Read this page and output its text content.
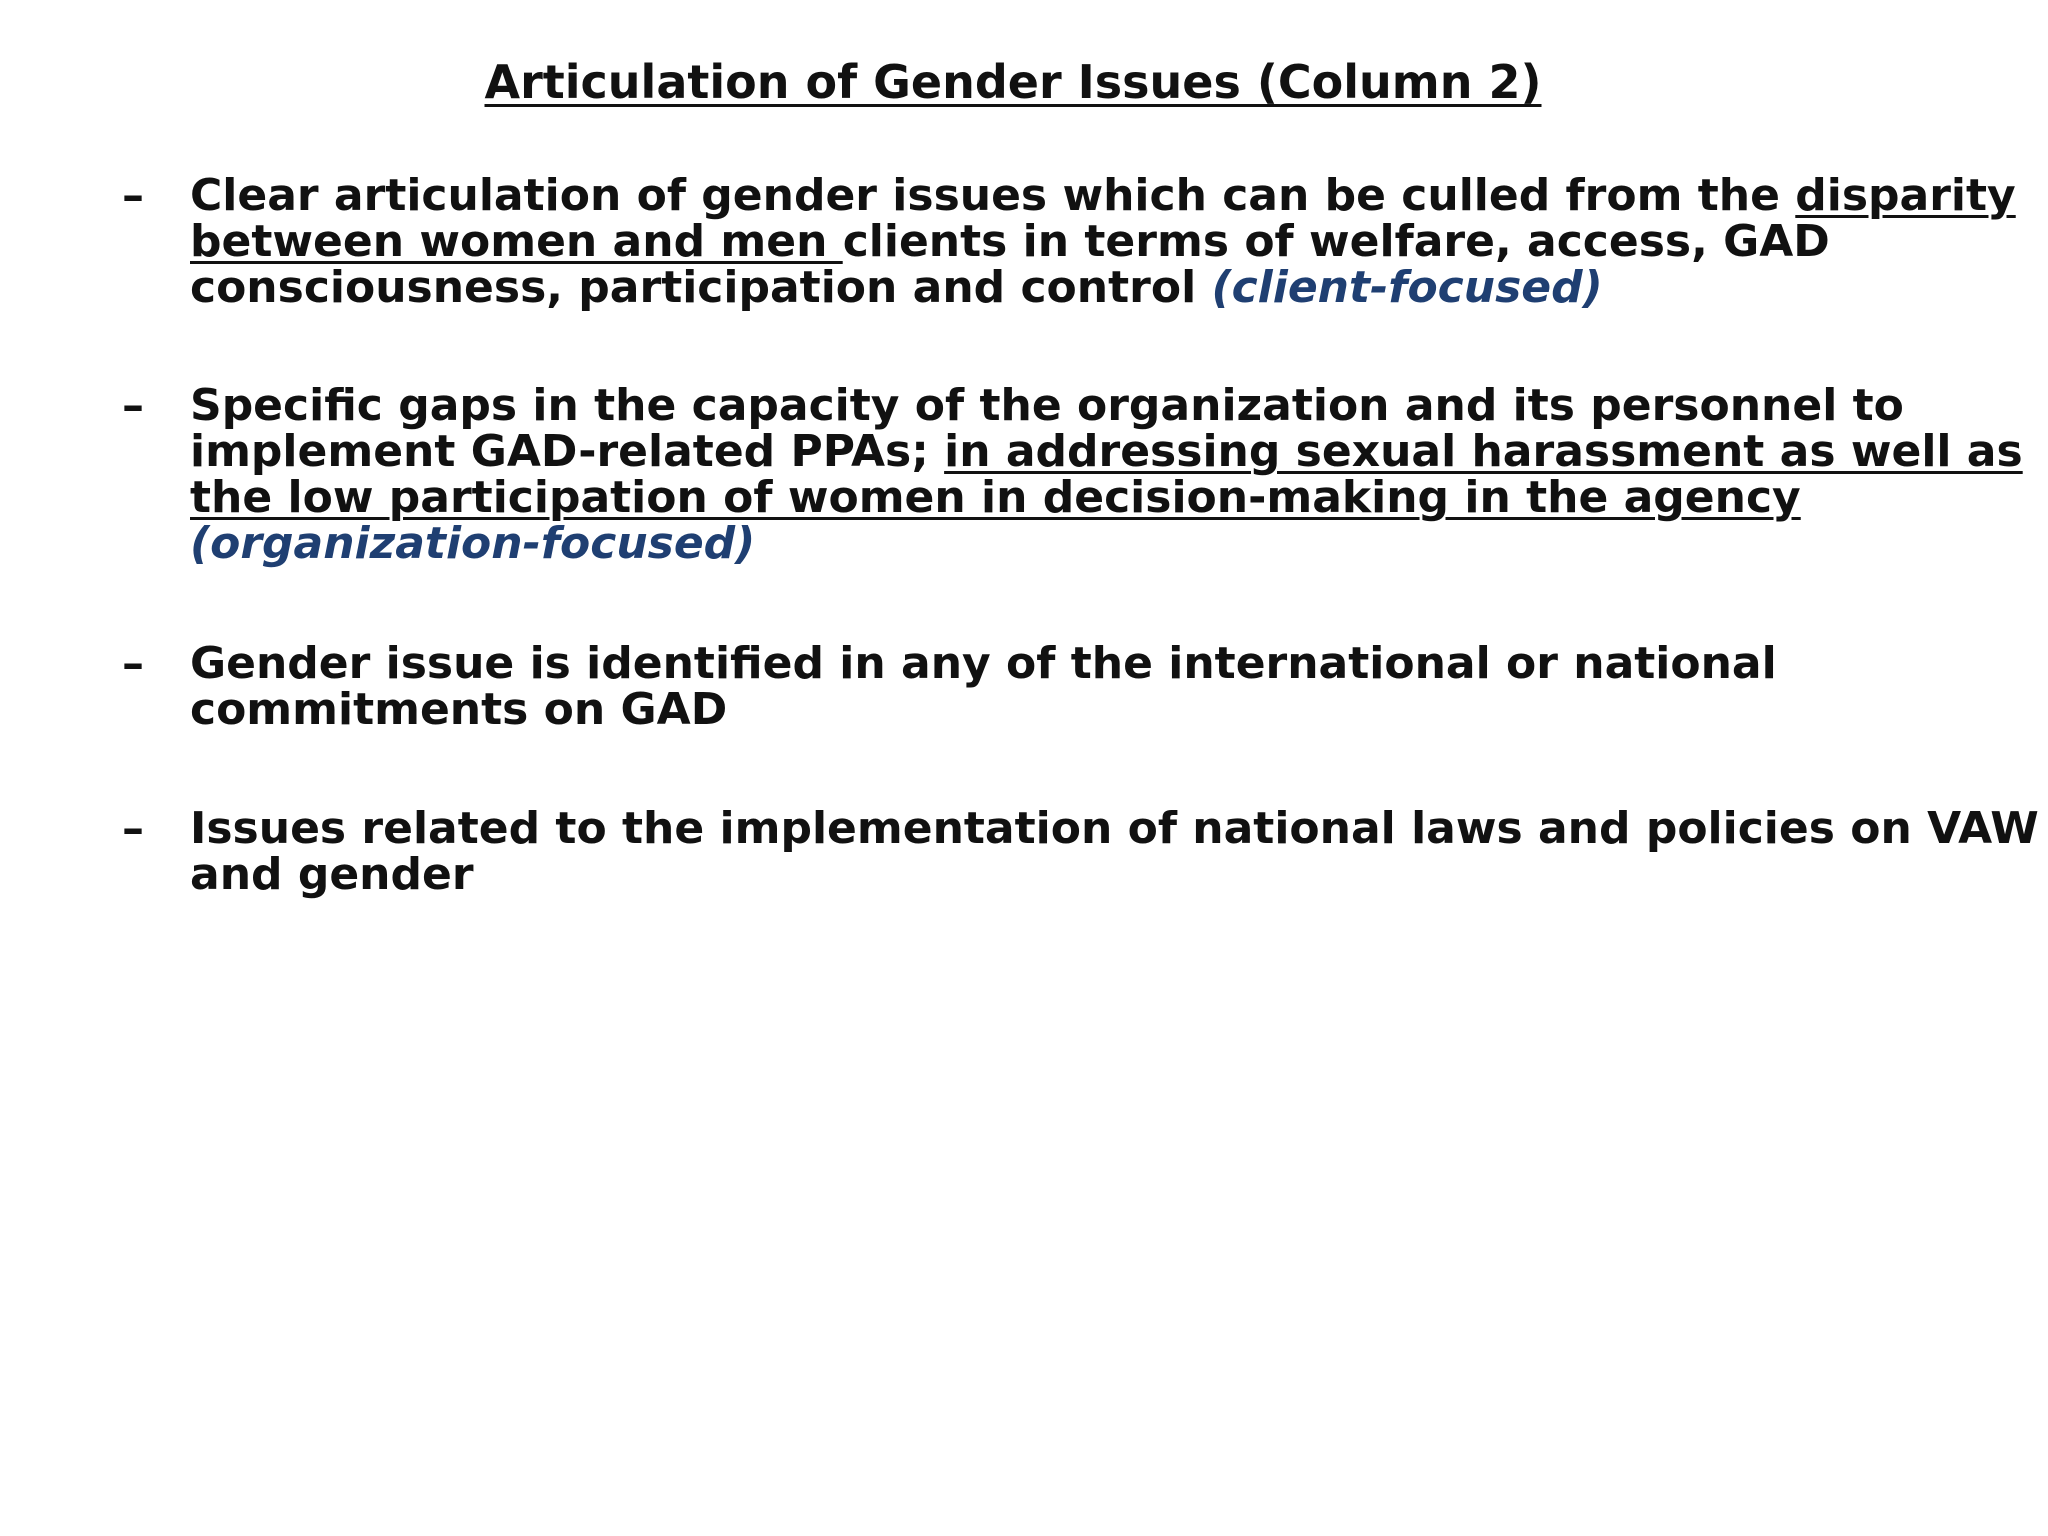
Articulation of Gender Issues (Column 2)
–	Clear articulation of gender issues which can be culled from the disparity between women and men clients in terms of welfare, access, GAD consciousness, participation and control (client-focused)
–	Specific gaps in the capacity of the organization and its personnel to implement GAD-related PPAs; in addressing sexual harassment as well as the low participation of women in decision-making in the agency (organization-focused)
–	Gender issue is identified in any of the international or national commitments on GAD
–	Issues related to the implementation of national laws and policies on VAW and gender
